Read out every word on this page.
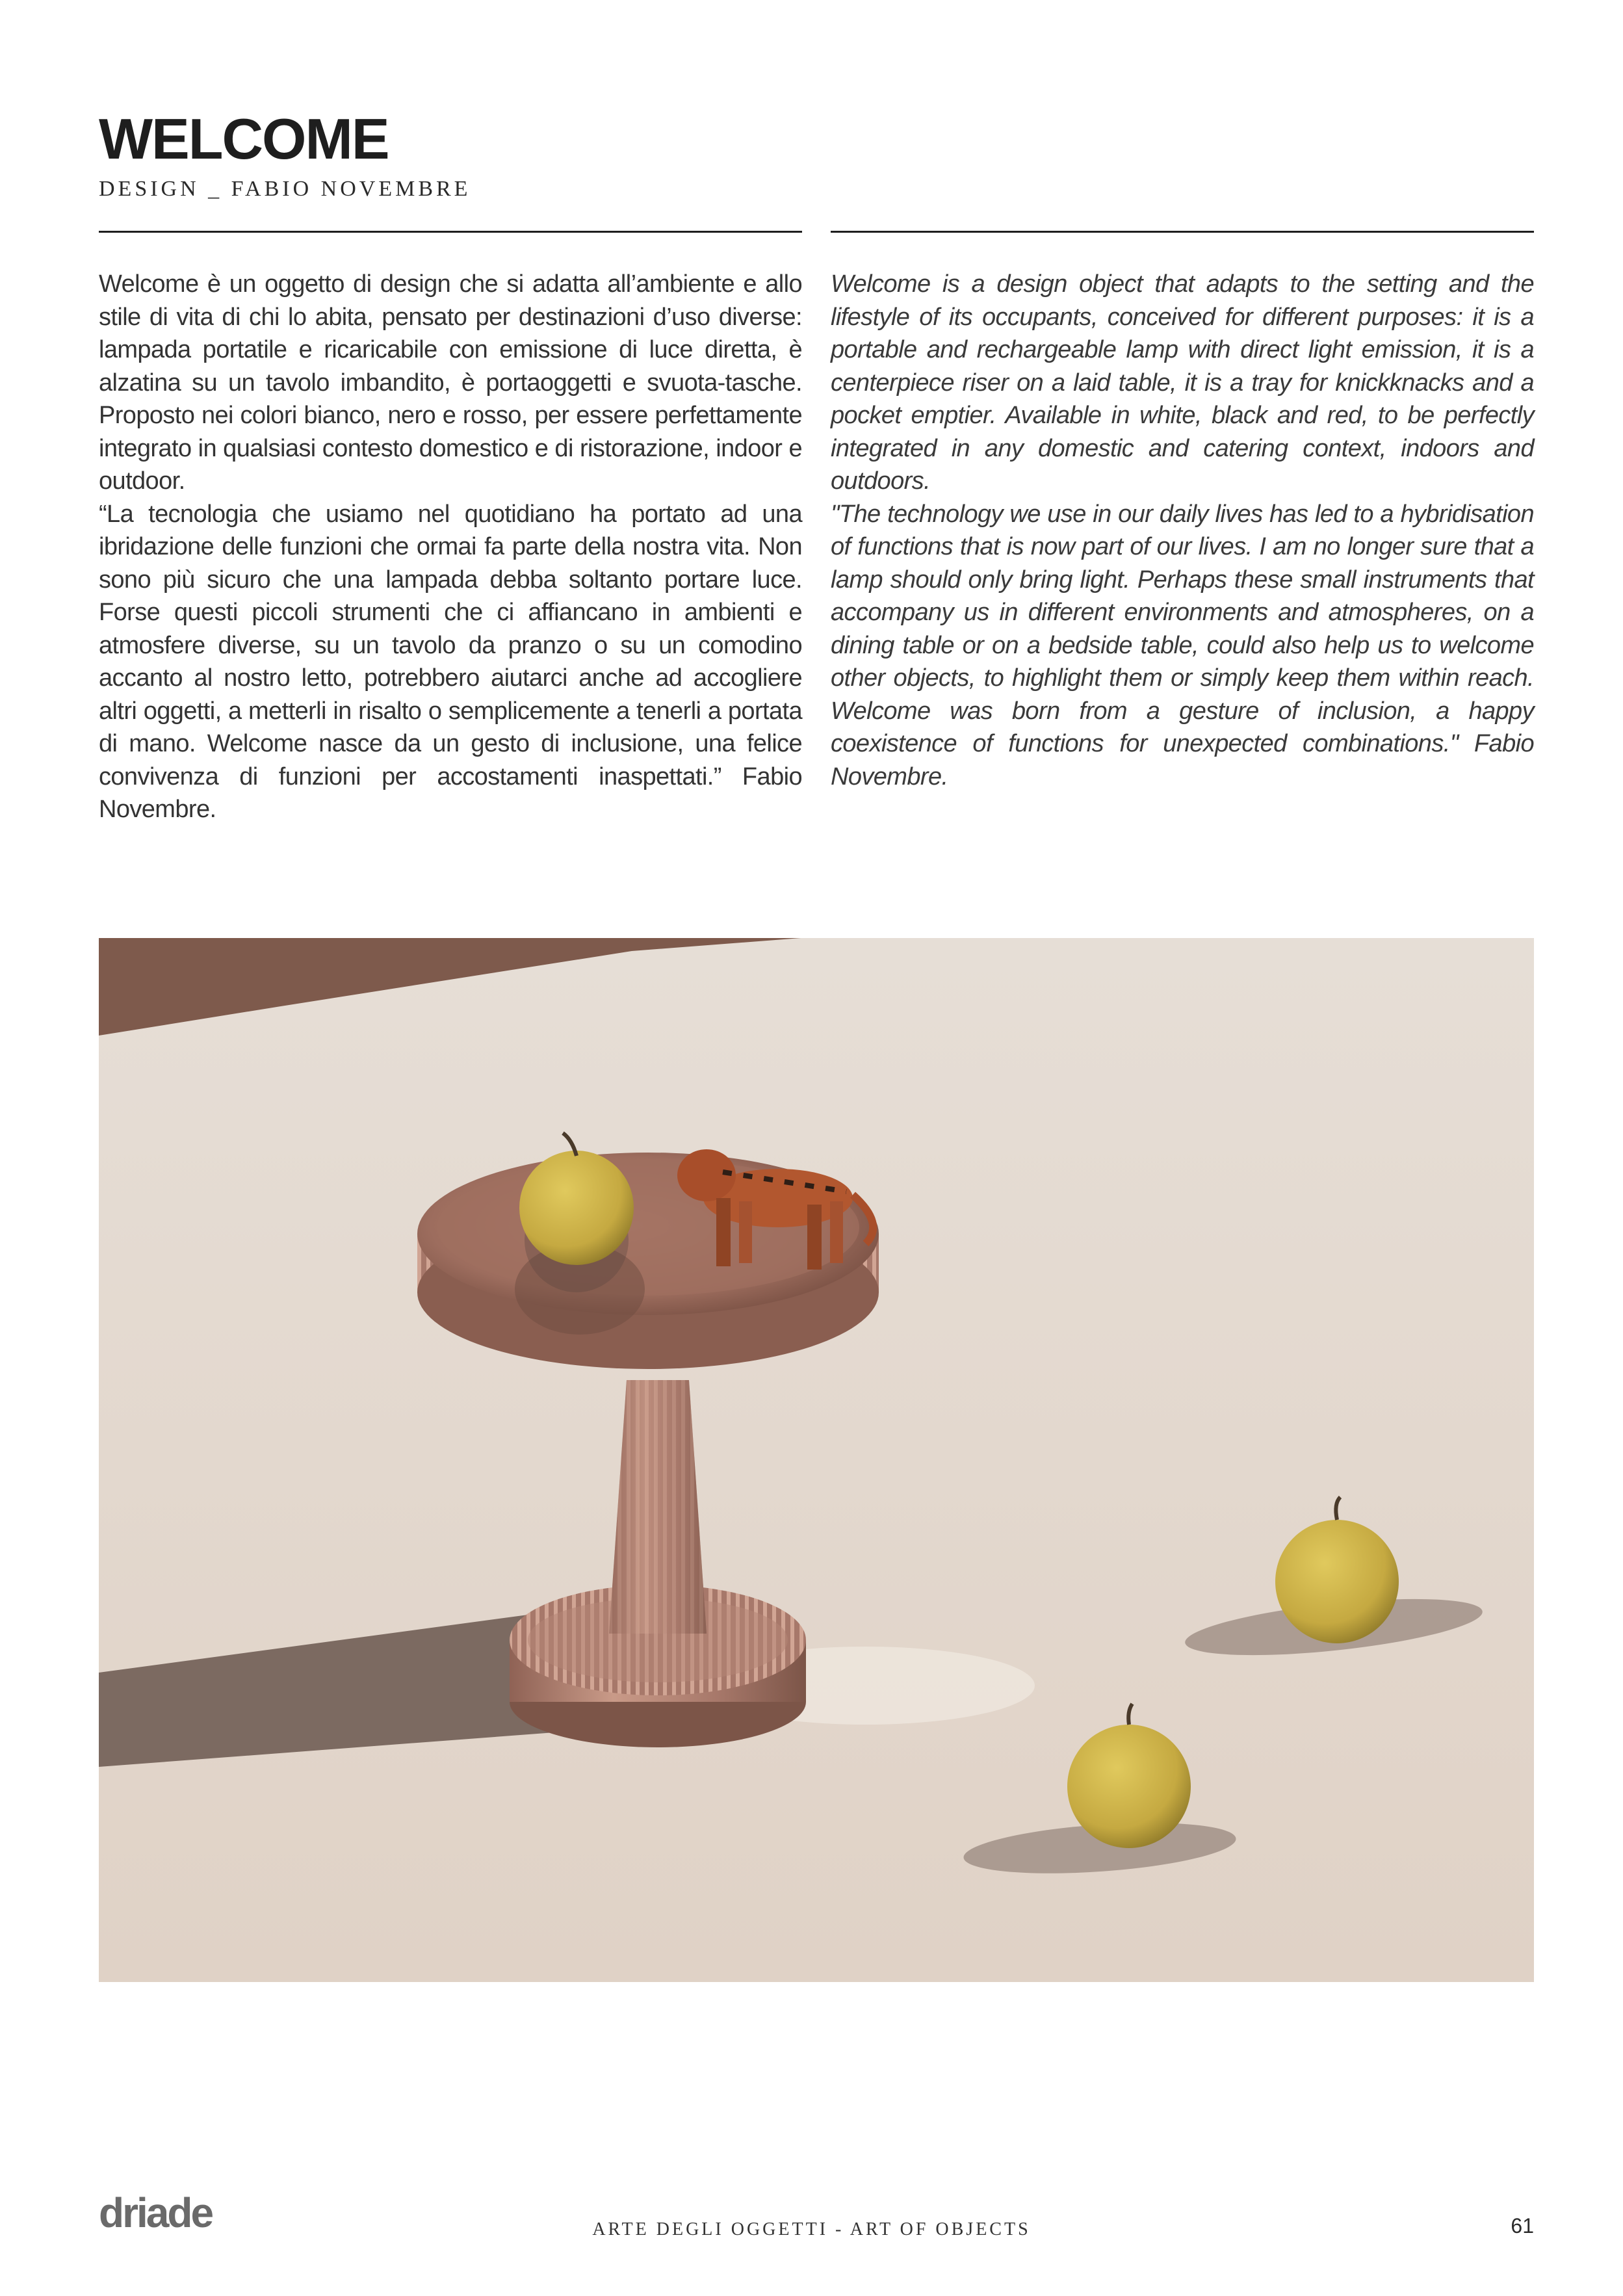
WELCOME
DESIGN _ FABIO NOVEMBRE

Welcome è un oggetto di design che si adatta all’ambiente e allo stile di vita di chi lo abita, pensato per destinazioni d’uso diverse: lampada portatile e ricaricabile con emissione di luce diretta, è alzatina su un tavolo imbandito, è portaoggetti e svuota-tasche. Proposto nei colori bianco, nero e rosso, per essere perfettamente integrato in qualsiasi contesto domestico e di ristorazione, indoor e outdoor.

“La tecnologia che usiamo nel quotidiano ha portato ad una ibridazione delle funzioni che ormai fa parte della nostra vita. Non sono più sicuro che una lampada debba soltanto portare luce. Forse questi piccoli strumenti che ci affiancano in ambienti e atmosfere diverse, su un tavolo da pranzo o su un comodino accanto al nostro letto, potrebbero aiutarci anche ad accogliere altri oggetti, a metterli in risalto o semplicemente a tenerli a portata di mano. Welcome nasce da un gesto di inclusione, una felice convivenza di funzioni per accostamenti inaspettati.” Fabio Novembre.

Welcome is a design object that adapts to the setting and the lifestyle of its occupants, conceived for different purposes: it is a portable and rechargeable lamp with direct light emission, it is a centerpiece riser on a laid table, it is a tray for knickknacks and a pocket emptier. Available in white, black and red, to be perfectly integrated in any domestic and catering context, indoors and outdoors.

"The technology we use in our daily lives has led to a hybridisation of functions that is now part of our lives. I am no longer sure that a lamp should only bring light. Perhaps these small instruments that accompany us in different environments and atmospheres, on a dining table or on a bedside table, could also help us to welcome other objects, to highlight them or simply keep them within reach. Welcome was born from a gesture of inclusion, a happy coexistence of functions for unexpected combinations." Fabio Novembre.

driade	ARTE DEGLI OGGETTI - ART OF OBJECTS	61
